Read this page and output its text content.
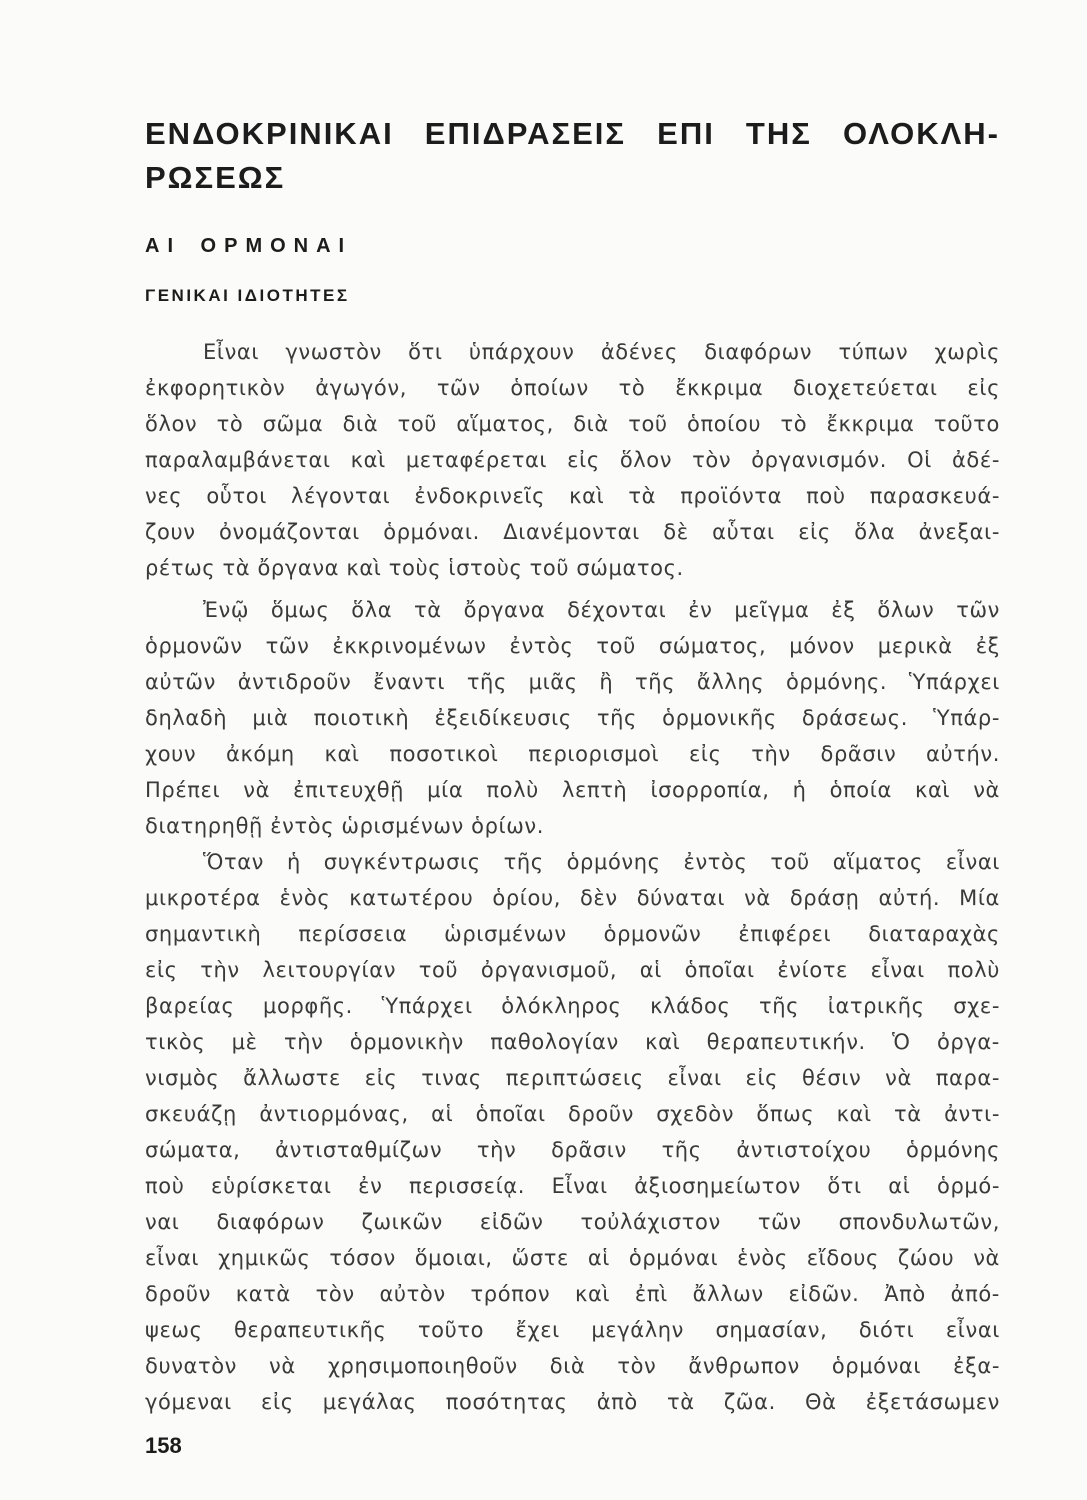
ΕΝΔΟΚΡΙΝΙΚΑΙ ΕΠΙΔΡΑΣΕΙΣ ΕΠΙ ΤΗΣ ΟΛΟΚΛΗ-
ΡΩΣΕΩΣ
ΑΙ ΟΡΜΟΝΑΙ
ΓΕΝΙΚΑΙ ΙΔΙΟΤΗΤΕΣ
Εἶναι γνωστὸν ὅτι ὑπάρχουν ἀδένες διαφόρων τύπων χωρὶς
ἐκφορητικὸν ἀγωγόν, τῶν ὁποίων τὸ ἔκκριμα διοχετεύεται εἰς
ὅλον τὸ σῶμα διὰ τοῦ αἵματος, διὰ τοῦ ὁποίου τὸ ἔκκριμα τοῦτο
παραλαμβάνεται καὶ μεταφέρεται εἰς ὅλον τὸν ὀργανισμόν. Οἱ ἀδέ-
νες οὗτοι λέγονται ἐνδοκρινεῖς καὶ τὰ προϊόντα ποὺ παρασκευά-
ζουν ὀνομάζονται ὁρμόναι. Διανέμονται δὲ αὗται εἰς ὅλα ἀνεξαι-
ρέτως τὰ ὄργανα καὶ τοὺς ἱστοὺς τοῦ σώματος.
Ἐνῷ ὅμως ὅλα τὰ ὄργανα δέχονται ἐν μεῖγμα ἐξ ὅλων τῶν
ὁρμονῶν τῶν ἐκκρινομένων ἐντὸς τοῦ σώματος, μόνον μερικὰ ἐξ
αὐτῶν ἀντιδροῦν ἔναντι τῆς μιᾶς ἢ τῆς ἄλλης ὁρμόνης. Ὑπάρχει
δηλαδὴ μιὰ ποιοτικὴ ἐξειδίκευσις τῆς ὁρμονικῆς δράσεως. Ὑπάρ-
χουν ἀκόμη καὶ ποσοτικοὶ περιορισμοὶ εἰς τὴν δρᾶσιν αὐτήν.
Πρέπει νὰ ἐπιτευχθῇ μία πολὺ λεπτὴ ἰσορροπία, ἡ ὁποία καὶ νὰ
διατηρηθῇ ἐντὸς ὡρισμένων ὁρίων.
Ὅταν ἡ συγκέντρωσις τῆς ὁρμόνης ἐντὸς τοῦ αἵματος εἶναι
μικροτέρα ἑνὸς κατωτέρου ὁρίου, δὲν δύναται νὰ δράσῃ αὐτή. Μία
σημαντικὴ περίσσεια ὡρισμένων ὁρμονῶν ἐπιφέρει διαταραχὰς
εἰς τὴν λειτουργίαν τοῦ ὀργανισμοῦ, αἱ ὁποῖαι ἐνίοτε εἶναι πολὺ
βαρείας μορφῆς. Ὑπάρχει ὁλόκληρος κλάδος τῆς ἰατρικῆς σχε-
τικὸς μὲ τὴν ὁρμονικὴν παθολογίαν καὶ θεραπευτικήν. Ὁ ὀργα-
νισμὸς ἄλλωστε εἰς τινας περιπτώσεις εἶναι εἰς θέσιν νὰ παρα-
σκευάζῃ ἀντιορμόνας, αἱ ὁποῖαι δροῦν σχεδὸν ὅπως καὶ τὰ ἀντι-
σώματα, ἀντισταθμίζων τὴν δρᾶσιν τῆς ἀντιστοίχου ὁρμόνης
ποὺ εὑρίσκεται ἐν περισσείᾳ. Εἶναι ἀξιοσημείωτον ὅτι αἱ ὁρμό-
ναι διαφόρων ζωικῶν εἰδῶν τοὐλάχιστον τῶν σπονδυλωτῶν,
εἶναι χημικῶς τόσον ὅμοιαι, ὥστε αἱ ὁρμόναι ἑνὸς εἴδους ζώου νὰ
δροῦν κατὰ τὸν αὐτὸν τρόπον καὶ ἐπὶ ἄλλων εἰδῶν. Ἀπὸ ἀπό-
ψεως θεραπευτικῆς τοῦτο ἔχει μεγάλην σημασίαν, διότι εἶναι
δυνατὸν νὰ χρησιμοποιηθοῦν διὰ τὸν ἄνθρωπον ὁρμόναι ἐξα-
γόμεναι εἰς μεγάλας ποσότητας ἀπὸ τὰ ζῶα. Θὰ ἐξετάσωμεν
158
